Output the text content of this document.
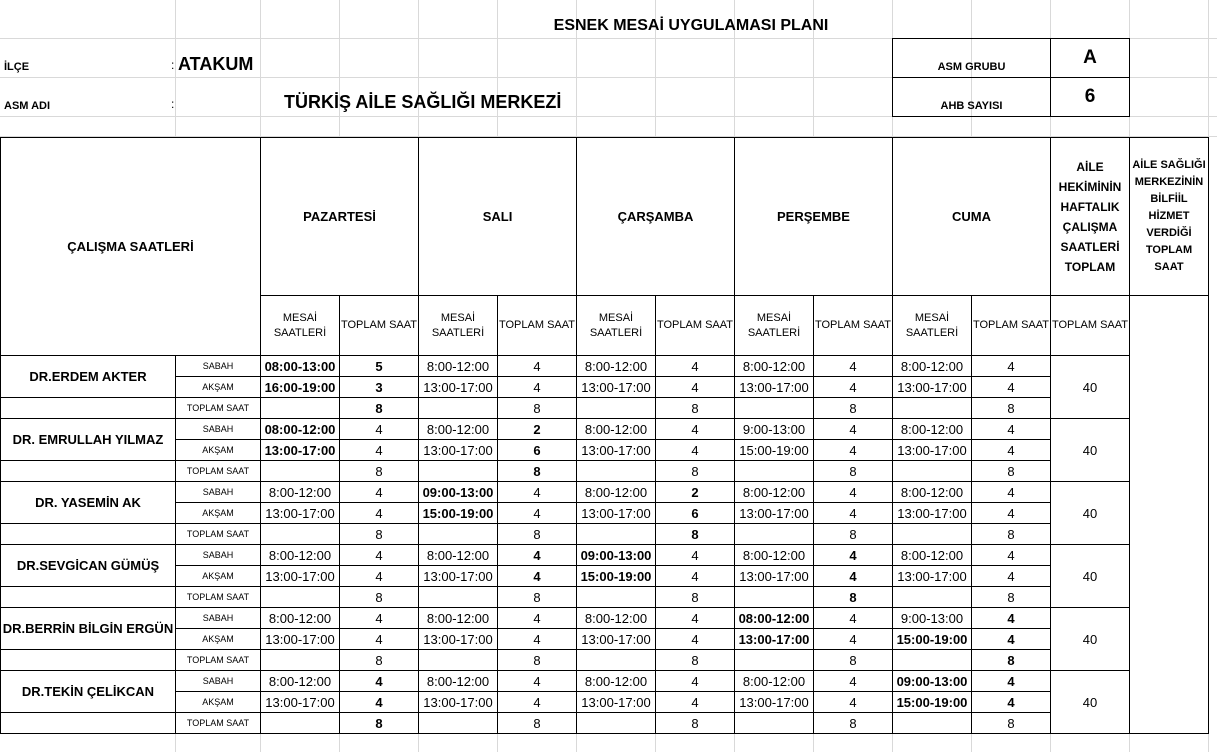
ESNEK MESAİ UYGULAMASI PLANI
İLÇE	: ATAKUM
ASM ADI	:	TÜRKİŞ AİLE SAĞLIĞI MERKEZİ
ASM GRUBU	A
AHB SAYISI	6
ÇALIŞMA SAATLERİ		PAZARTESİ		SALI		ÇARŞAMBA		PERŞEMBE		CUMA		AİLE HEKİMİNİN HAFTALIK ÇALIŞMA SAATLERİ TOPLAM	AİLE SAĞLIĞI MERKEZİNİN BİLFİİL HİZMET VERDİĞİ TOPLAM SAAT
		MESAİ SAATLERİ	TOPLAM SAAT	MESAİ SAATLERİ	TOPLAM SAAT	MESAİ SAATLERİ	TOPLAM SAAT	MESAİ SAATLERİ	TOPLAM SAAT	MESAİ SAATLERİ	TOPLAM SAAT	TOPLAM SAAT	
DR.ERDEM AKTER	SABAH	08:00-13:00	5	8:00-12:00	4	8:00-12:00	4	8:00-12:00	4	8:00-12:00	4	40	
	AKŞAM	16:00-19:00	3	13:00-17:00	4	13:00-17:00	4	13:00-17:00	4	13:00-17:00	4		
	TOPLAM SAAT		8		8		8		8		8		
DR. EMRULLAH YILMAZ	SABAH	08:00-12:00	4	8:00-12:00	2	8:00-12:00	4	9:00-13:00	4	8:00-12:00	4	40	
	AKŞAM	13:00-17:00	4	13:00-17:00	6	13:00-17:00	4	15:00-19:00	4	13:00-17:00	4		
	TOPLAM SAAT		8		8		8		8		8		
DR. YASEMİN AK	SABAH	8:00-12:00	4	09:00-13:00	4	8:00-12:00	2	8:00-12:00	4	8:00-12:00	4	40	
	AKŞAM	13:00-17:00	4	15:00-19:00	4	13:00-17:00	6	13:00-17:00	4	13:00-17:00	4		
	TOPLAM SAAT		8		8		8		8		8		
DR.SEVGİCAN GÜMÜŞ	SABAH	8:00-12:00	4	8:00-12:00	4	09:00-13:00	4	8:00-12:00	4	8:00-12:00	4	40	
	AKŞAM	13:00-17:00	4	13:00-17:00	4	15:00-19:00	4	13:00-17:00	4	13:00-17:00	4		
	TOPLAM SAAT		8		8		8		8		8		
DR.BERRİN BİLGİN ERGÜN	SABAH	8:00-12:00	4	8:00-12:00	4	8:00-12:00	4	08:00-12:00	4	9:00-13:00	4	40	
	AKŞAM	13:00-17:00	4	13:00-17:00	4	13:00-17:00	4	13:00-17:00	4	15:00-19:00	4		
	TOPLAM SAAT		8		8		8		8		8		
DR.TEKİN ÇELİKCAN	SABAH	8:00-12:00	4	8:00-12:00	4	8:00-12:00	4	8:00-12:00	4	09:00-13:00	4	40	
	AKŞAM	13:00-17:00	4	13:00-17:00	4	13:00-17:00	4	13:00-17:00	4	15:00-19:00	4		
	TOPLAM SAAT		8		8		8		8		8		
